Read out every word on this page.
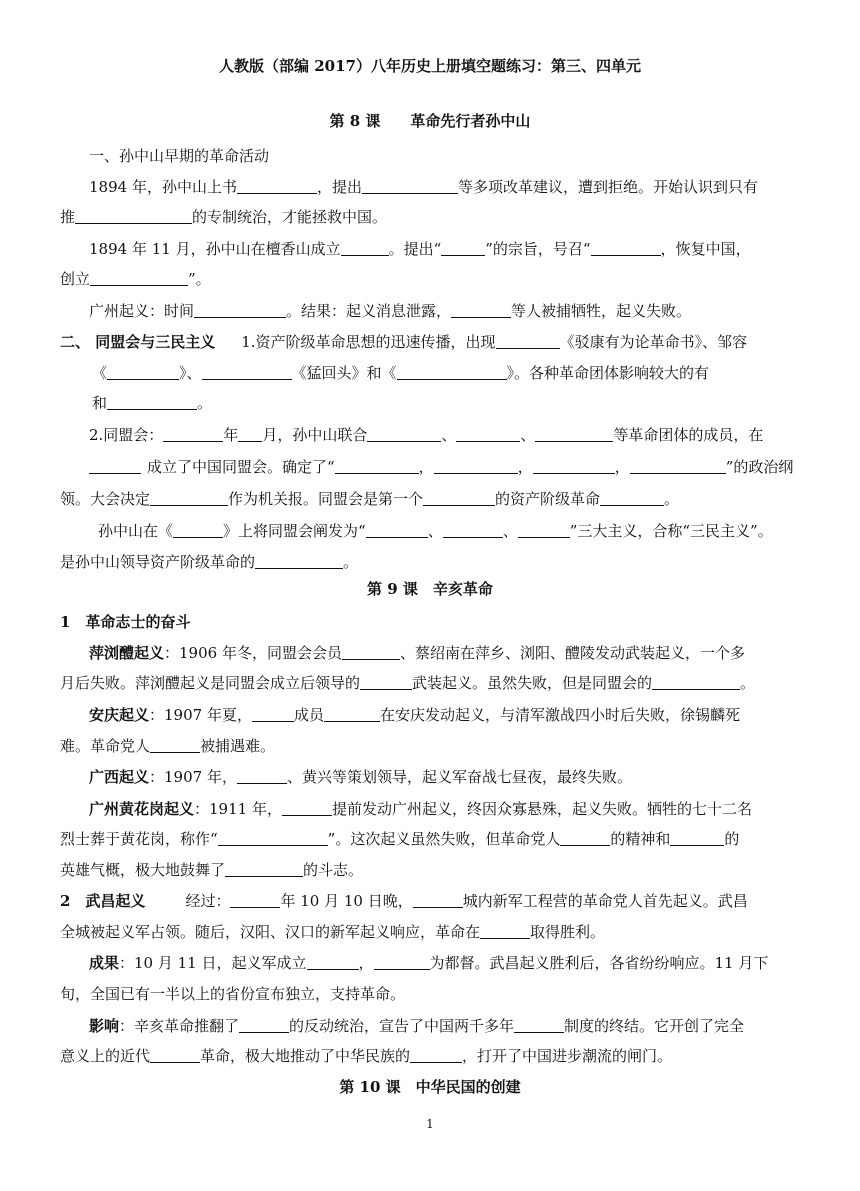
人教版（部编 2017）八年历史上册填空题练习：第三、四单元
第 8 课　　革命先行者孙中山
一、孙中山早期的革命活动
1894 年，孙中山上书	，提出	等多项改革建议，遭到拒绝。开始认识到只有
推	的专制统治，才能拯救中国。
1894 年 11 月，孙中山在檀香山成立	。提出“	”的宗旨，号召“	，恢复中国，
创立	”。
广州起义：时间	。结果：起义消息泄露，	等人被捕牺牲，起义失败。
二、 同盟会与三民主义 1.资产阶级革命思想的迅速传播，出现	《驳康有为论革命书》、邹容
《	》、	《猛回头》和《	》。各种革命团体影响较大的有
和	。
2.同盟会：	年 月，孙中山联合	、	、	等革命团体的成员，在
成立了中国同盟会。确定了“	，	，	，	”的政治纲
领。大会决定	作为机关报。同盟会是第一个	的资产阶级革命	。
孙中山在《	》上将同盟会阐发为“	、	、	”三大主义，合称“三民主义”。
是孙中山领导资产阶级革命的	。
第 9 课　辛亥革命
1　革命志士的奋斗
萍浏醴起义：1906 年冬，同盟会会员	、蔡绍南在萍乡、浏阳、醴陵发动武装起义，一个多
月后失败。萍浏醴起义是同盟会成立后领导的	武装起义。虽然失败，但是同盟会的	。
安庆起义：1907 年夏，	成员	在安庆发动起义，与清军激战四小时后失败，徐锡麟死
难。革命党人	被捕遇难。
广西起义：1907 年，	、黄兴等策划领导，起义军奋战七昼夜，最终失败。
广州黄花岗起义：1911 年，	提前发动广州起义，终因众寡悬殊，起义失败。牺牲的七十二名
烈士葬于黄花岗，称作“	”。这次起义虽然失败，但革命党人	的精神和	的
英雄气概，极大地鼓舞了	的斗志。
2　武昌起义	经过：	年 10 月 10 日晚，	城内新军工程营的革命党人首先起义。武昌
全城被起义军占领。随后，汉阳、汉口的新军起义响应，革命在	取得胜利。
成果：10 月 11 日，起义军成立	，	为都督。武昌起义胜利后，各省纷纷响应。11 月下
旬，全国已有一半以上的省份宣布独立，支持革命。
影响：辛亥革命推翻了	的反动统治，宣告了中国两千多年	制度的终结。它开创了完全
意义上的近代	革命，极大地推动了中华民族的	，打开了中国进步潮流的闸门。
第 10 课　中华民国的创建
1
